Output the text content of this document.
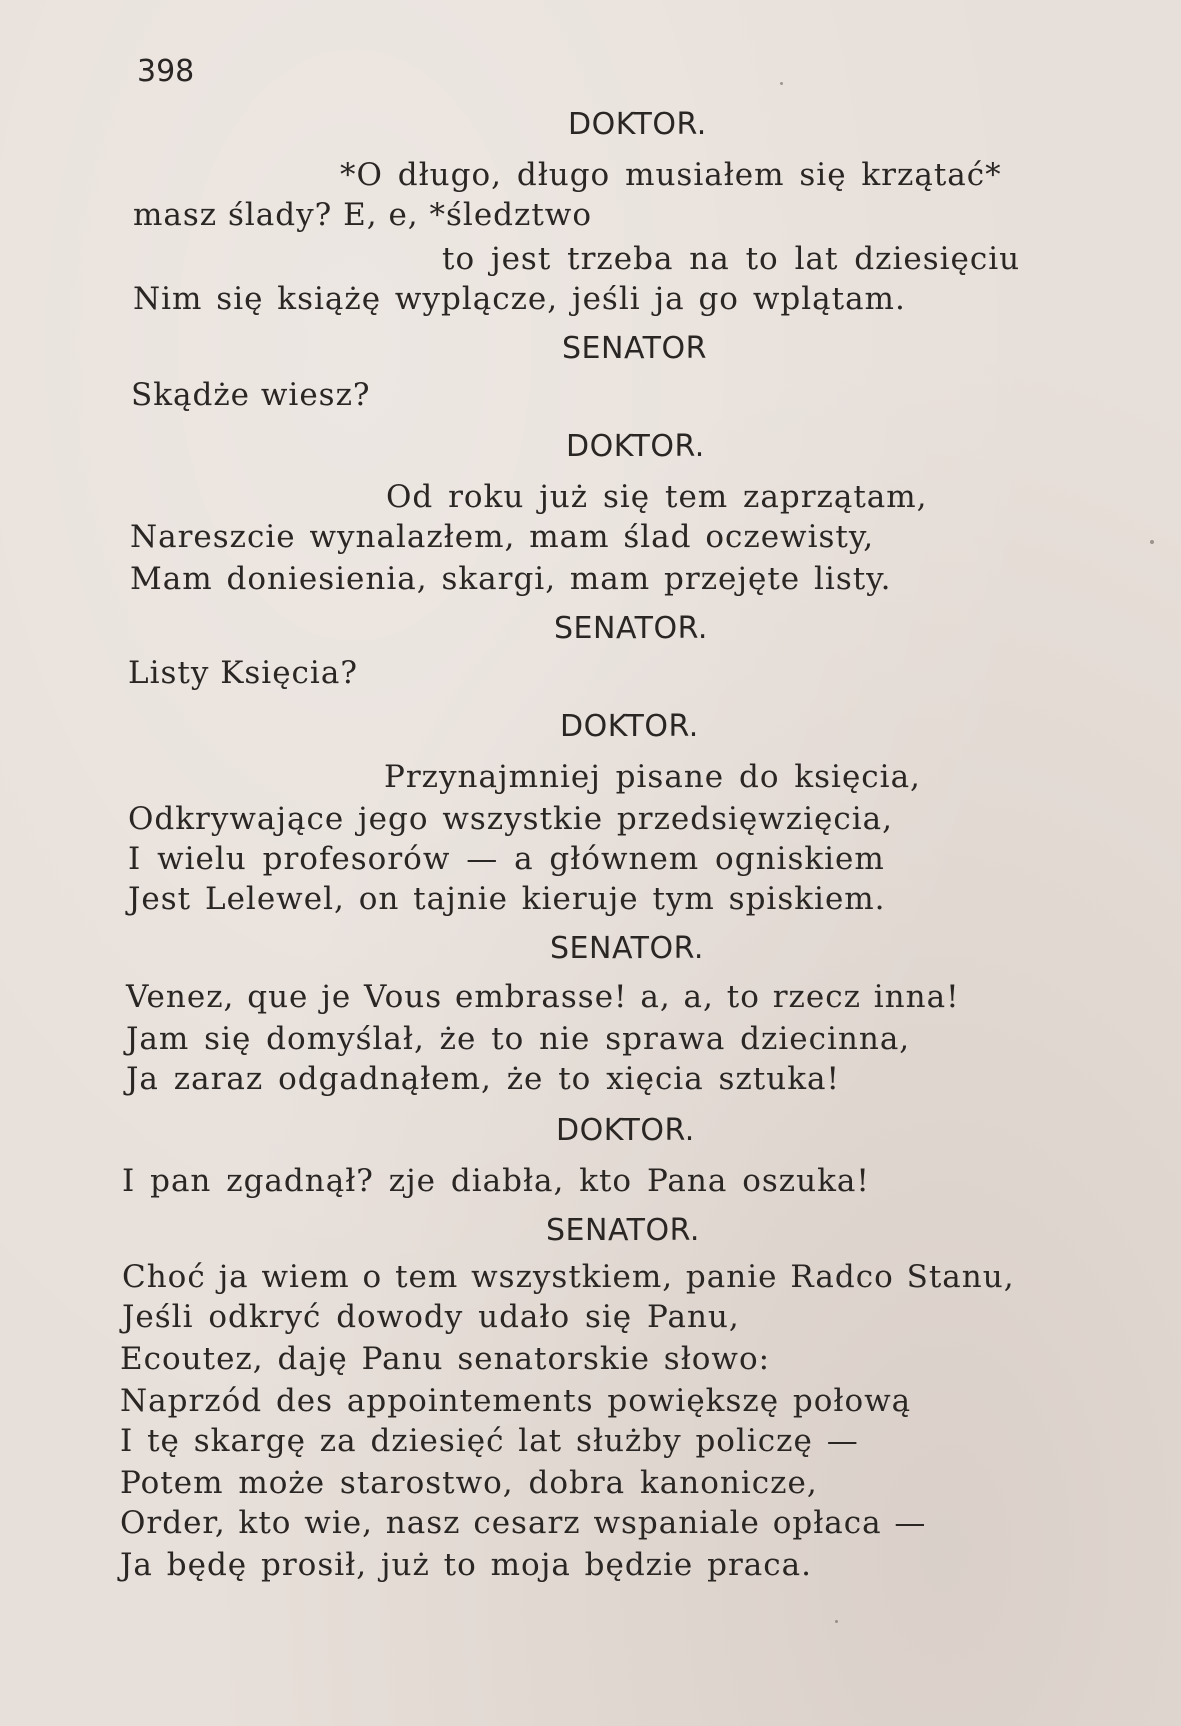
398
DOKTOR.
*O długo, długo musiałem się krzątać*
masz ślady? E, e, *śledztwo
to jest trzeba na to lat dziesięciu
Nim się książę wyplącze, jeśli ja go wplątam.
SENATOR
Skądże wiesz?
DOKTOR.
Od roku już się tem zaprzątam,
Nareszcie wynalazłem, mam ślad oczewisty,
Mam doniesienia, skargi, mam przejęte listy.
SENATOR.
Listy Księcia?
DOKTOR.
Przynajmniej pisane do księcia,
Odkrywające jego wszystkie przedsięwzięcia,
I wielu profesorów — a głównem ogniskiem
Jest Lelewel, on tajnie kieruje tym spiskiem.
SENATOR.
Venez, que je Vous embrasse! a, a, to rzecz inna!
Jam się domyślał, że to nie sprawa dziecinna,
Ja zaraz odgadnąłem, że to xięcia sztuka!
DOKTOR.
I pan zgadnął? zje diabła, kto Pana oszuka!
SENATOR.
Choć ja wiem o tem wszystkiem, panie Radco Stanu,
Jeśli odkryć dowody udało się Panu,
Ecoutez, daję Panu senatorskie słowo:
Naprzód des appointements powiększę połową
I tę skargę za dziesięć lat służby policzę —
Potem może starostwo, dobra kanonicze,
Order, kto wie, nasz cesarz wspaniale opłaca —
Ja będę prosił, już to moja będzie praca.
